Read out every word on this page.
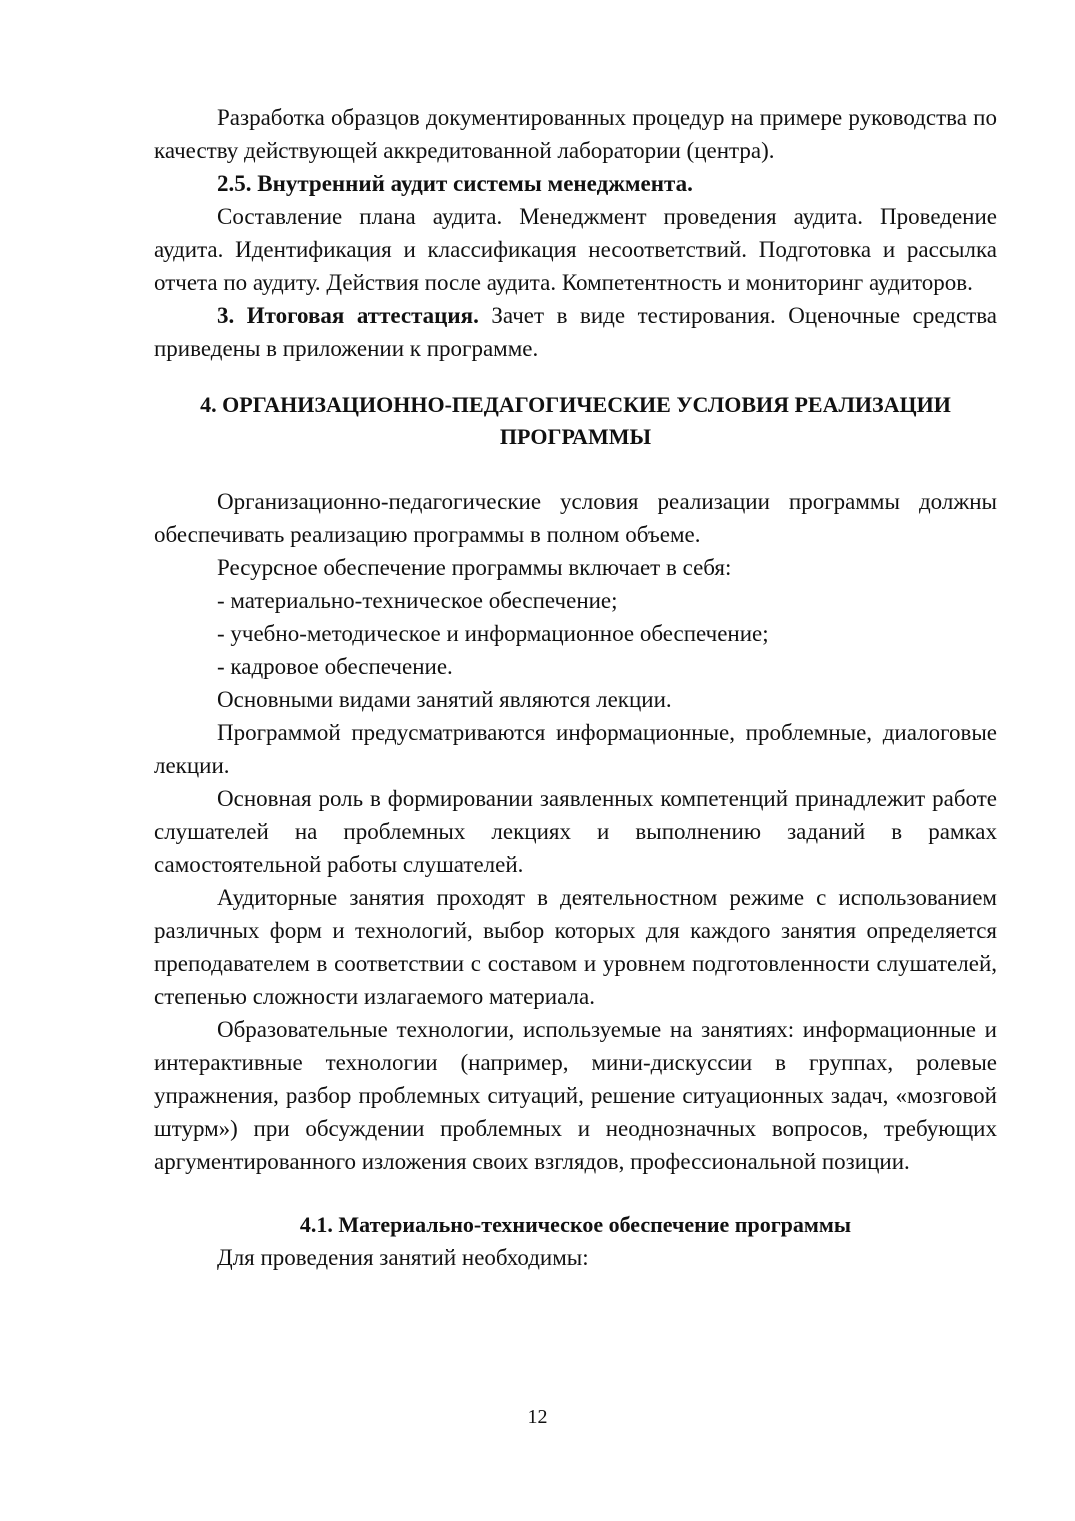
Разработка образцов документированных процедур на примере руководства по качеству действующей аккредитованной лаборатории (центра).

2.5. Внутренний аудит системы менеджмента.

Составление плана аудита. Менеджмент проведения аудита. Проведение аудита. Идентификация и классификация несоответствий. Подготовка и рассылка отчета по аудиту. Действия после аудита. Компетентность и мониторинг аудиторов.

3. Итоговая аттестация. Зачет в виде тестирования. Оценочные средства приведены в приложении к программе.

4. ОРГАНИЗАЦИОННО-ПЕДАГОГИЧЕСКИЕ УСЛОВИЯ РЕАЛИЗАЦИИ
ПРОГРАММЫ

Организационно-педагогические условия реализации программы должны обеспечивать реализацию программы в полном объеме.

Ресурсное обеспечение программы включает в себя:

- материально-техническое обеспечение;

- учебно-методическое и информационное обеспечение;

- кадровое обеспечение.

Основными видами занятий являются лекции.

Программой предусматриваются информационные, проблемные, диалоговые лекции.

Основная роль в формировании заявленных компетенций принадлежит работе слушателей на проблемных лекциях и выполнению заданий в рамках самостоятельной работы слушателей.

Аудиторные занятия проходят в деятельностном режиме с использованием различных форм и технологий, выбор которых для каждого занятия определяется преподавателем в соответствии с составом и уровнем подготовленности слушателей, степенью сложности излагаемого материала.

Образовательные технологии, используемые на занятиях: информационные и интерактивные технологии (например, мини-дискуссии в группах, ролевые упражнения, разбор проблемных ситуаций, решение ситуационных задач, «мозговой штурм») при обсуждении проблемных и неоднозначных вопросов, требующих аргументированного изложения своих взглядов, профессиональной позиции.

4.1. Материально-техническое обеспечение программы

Для проведения занятий необходимы:

12
